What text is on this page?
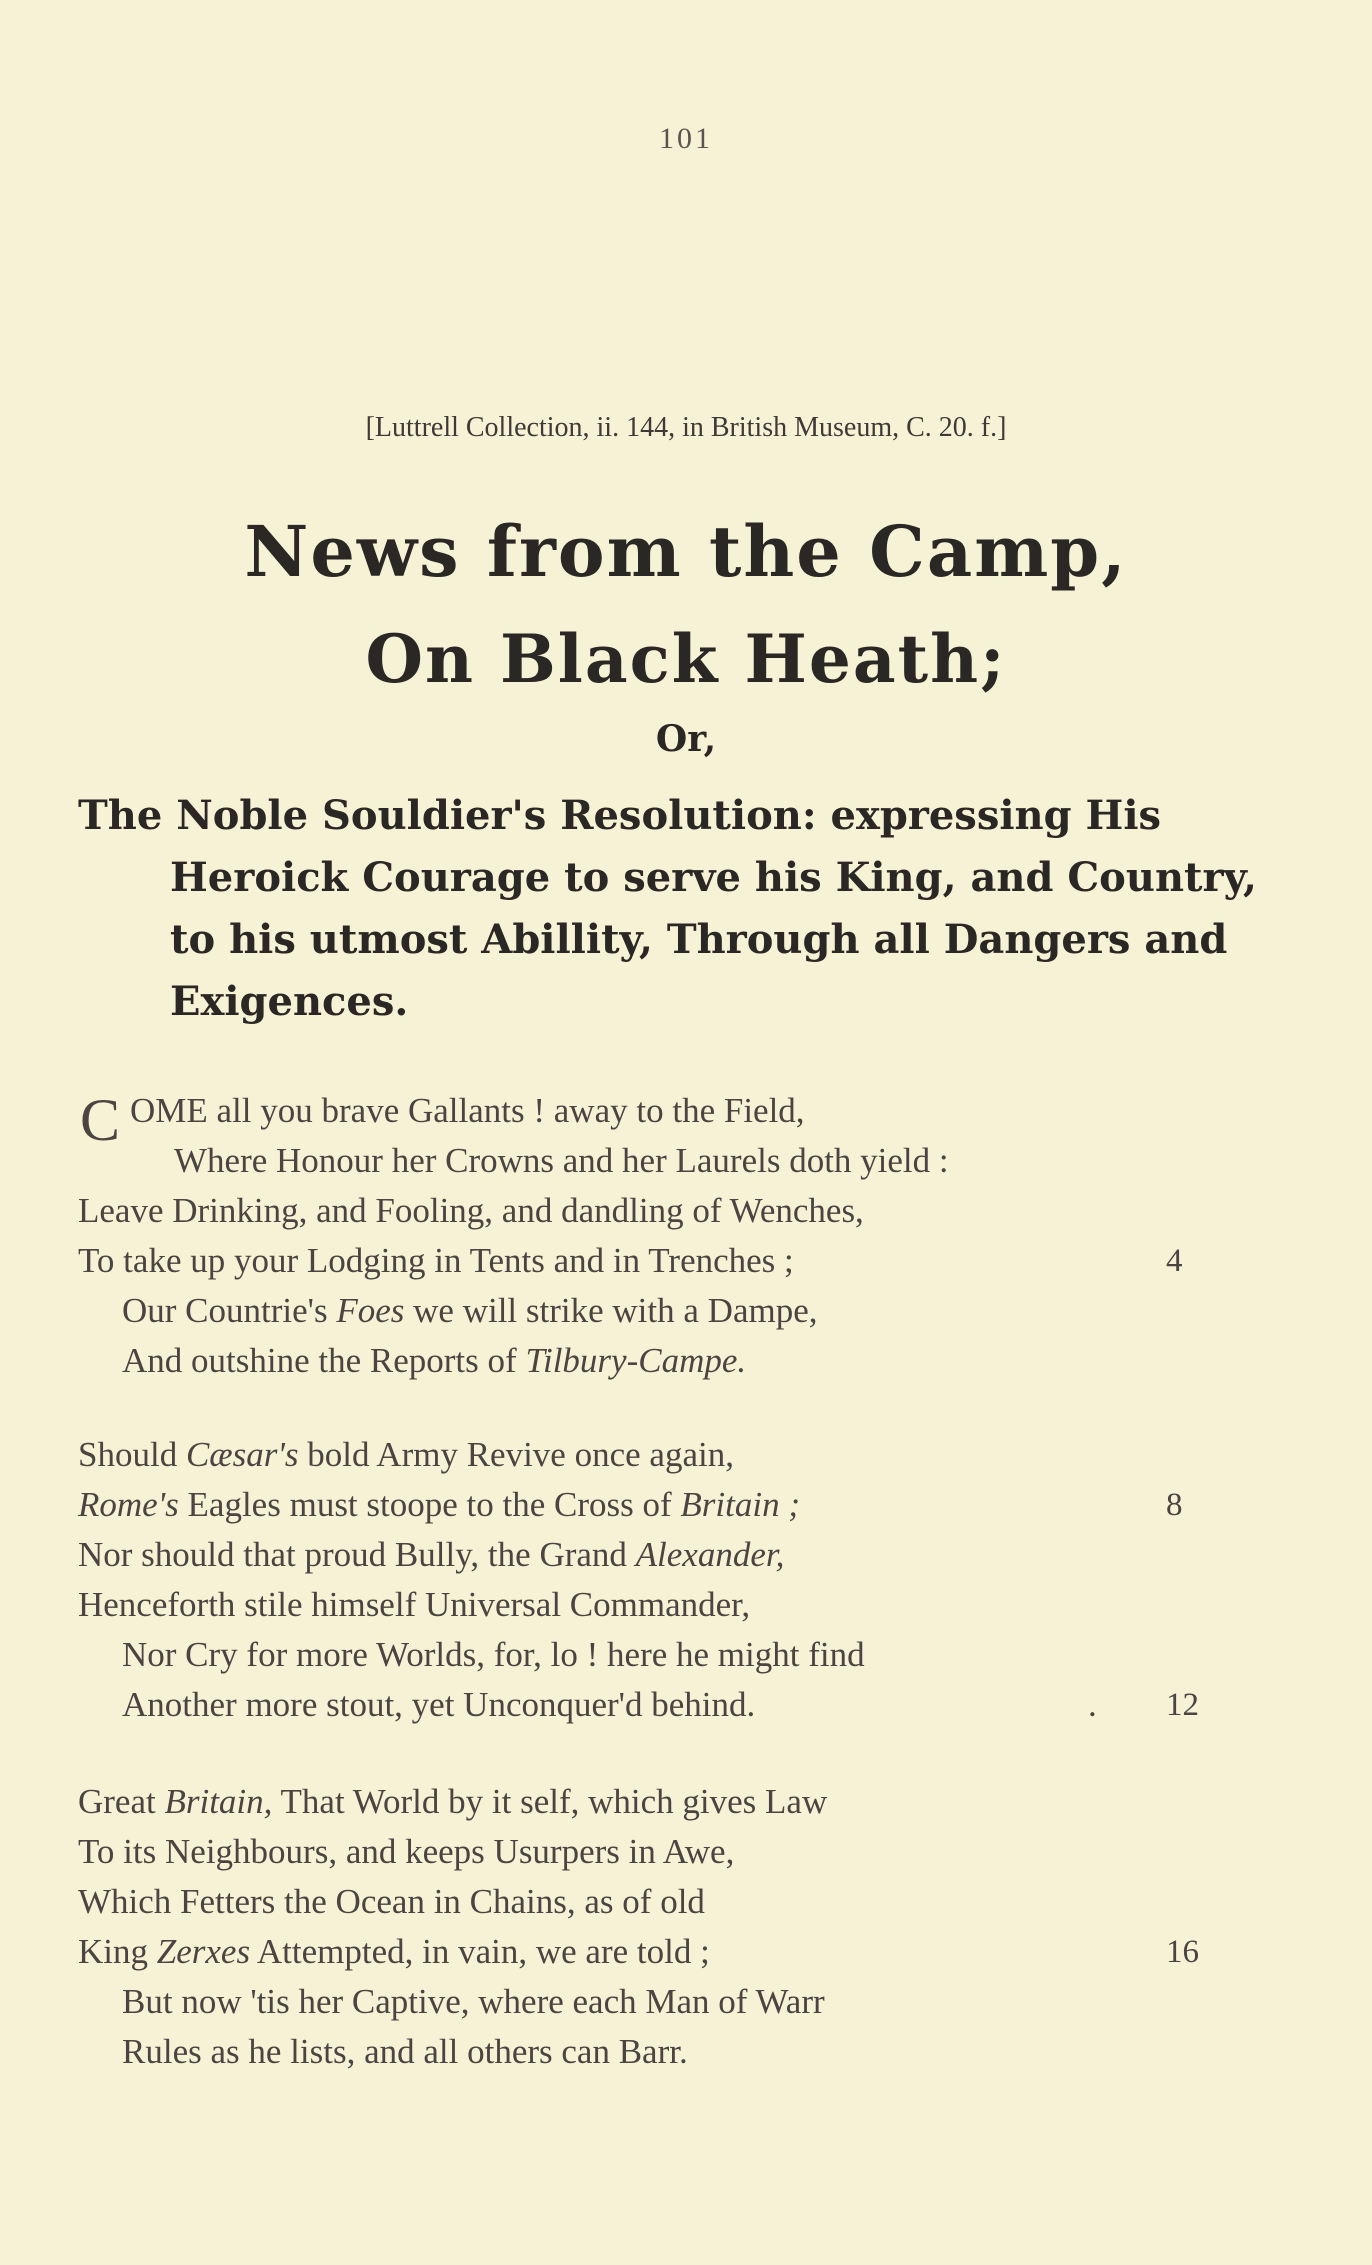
101
[Luttrell Collection, ii. 144, in British Museum, C. 20. f.]
News from the Camp,
On Black Heath;
Or,
The Noble Souldier's Resolution: expressing His
Heroick Courage to serve his King, and Country,
to his utmost Abillity, Through all Dangers and
Exigences.
C OME all you brave Gallants ! away to the Field,
Where Honour her Crowns and her Laurels doth yield :
Leave Drinking, and Fooling, and dandling of Wenches,
To take up your Lodging in Tents and in Trenches ;	4
Our Countrie's Foes we will strike with a Dampe,
And outshine the Reports of Tilbury-Campe.
Should Cæsar's bold Army Revive once again,
Rome's Eagles must stoope to the Cross of Britain ;	8
Nor should that proud Bully, the Grand Alexander,
Henceforth stile himself Universal Commander,
Nor Cry for more Worlds, for, lo ! here he might find
Another more stout, yet Unconquer'd behind.	. 12
Great Britain, That World by it self, which gives Law
To its Neighbours, and keeps Usurpers in Awe,
Which Fetters the Ocean in Chains, as of old
King Zerxes Attempted, in vain, we are told ;	16
But now 'tis her Captive, where each Man of Warr
Rules as he lists, and all others can Barr.
